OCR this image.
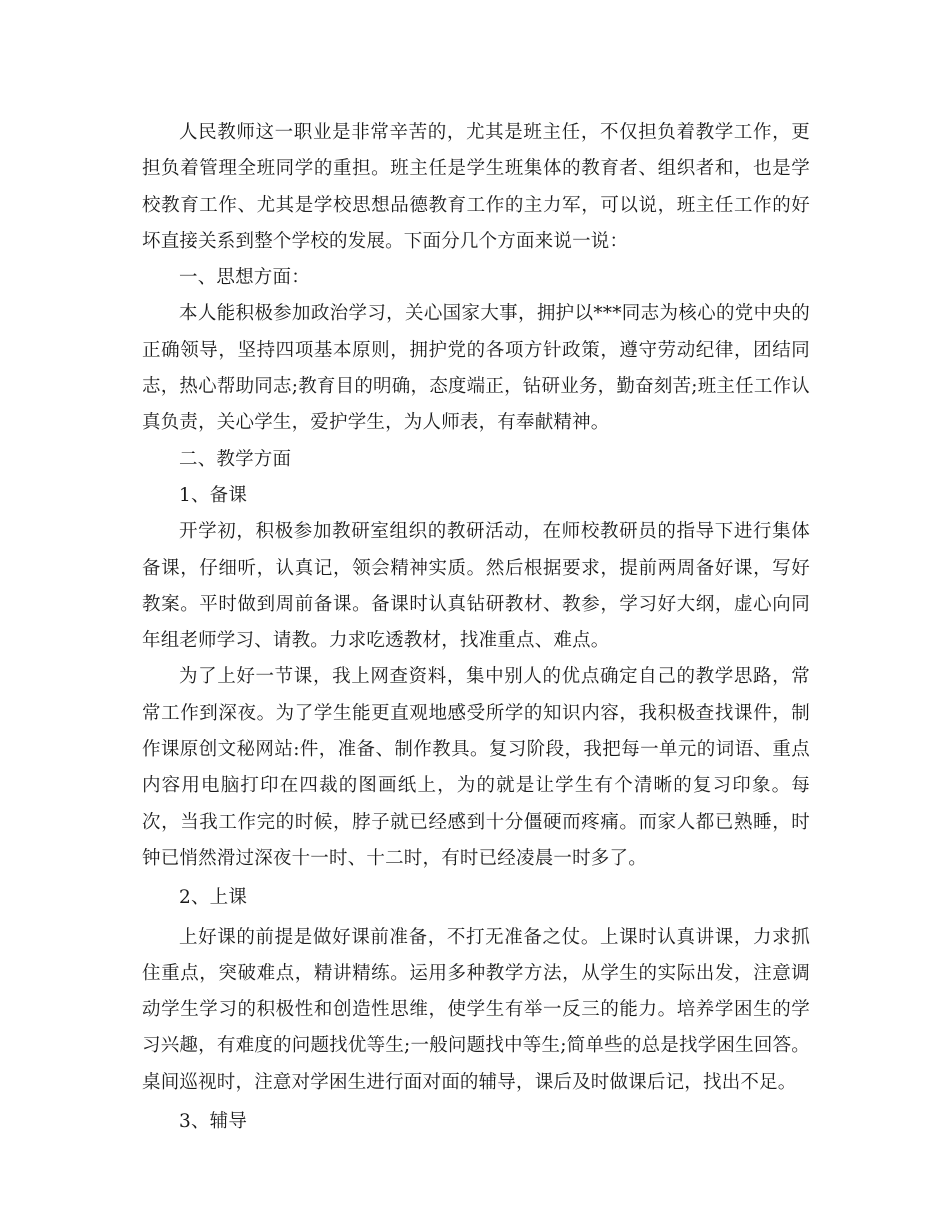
人民教师这一职业是非常辛苦的，尤其是班主任，不仅担负着教学工作，更担负着管理全班同学的重担。班主任是学生班集体的教育者、组织者和，也是学校教育工作、尤其是学校思想品德教育工作的主力军，可以说，班主任工作的好坏直接关系到整个学校的发展。下面分几个方面来说一说：

一、思想方面：

本人能积极参加政治学习，关心国家大事，拥护以***同志为核心的党中央的正确领导，坚持四项基本原则，拥护党的各项方针政策，遵守劳动纪律，团结同志，热心帮助同志;教育目的明确，态度端正，钻研业务，勤奋刻苦;班主任工作认真负责，关心学生，爱护学生，为人师表，有奉献精神。

二、教学方面

1、备课

开学初，积极参加教研室组织的教研活动，在师校教研员的指导下进行集体备课，仔细听，认真记，领会精神实质。然后根据要求，提前两周备好课，写好教案。平时做到周前备课。备课时认真钻研教材、教参，学习好大纲，虚心向同年组老师学习、请教。力求吃透教材，找准重点、难点。

为了上好一节课，我上网查资料，集中别人的优点确定自己的教学思路，常常工作到深夜。为了学生能更直观地感受所学的知识内容，我积极查找课件，制作课原创文秘网站:件，准备、制作教具。复习阶段，我把每一单元的词语、重点内容用电脑打印在四裁的图画纸上，为的就是让学生有个清晰的复习印象。每次，当我工作完的时候，脖子就已经感到十分僵硬而疼痛。而家人都已熟睡，时钟已悄然滑过深夜十一时、十二时，有时已经凌晨一时多了。

2、上课

上好课的前提是做好课前准备，不打无准备之仗。上课时认真讲课，力求抓住重点，突破难点，精讲精练。运用多种教学方法，从学生的实际出发，注意调动学生学习的积极性和创造性思维，使学生有举一反三的能力。培养学困生的学习兴趣，有难度的问题找优等生;一般问题找中等生;简单些的总是找学困生回答。桌间巡视时，注意对学困生进行面对面的辅导，课后及时做课后记，找出不足。

3、辅导
